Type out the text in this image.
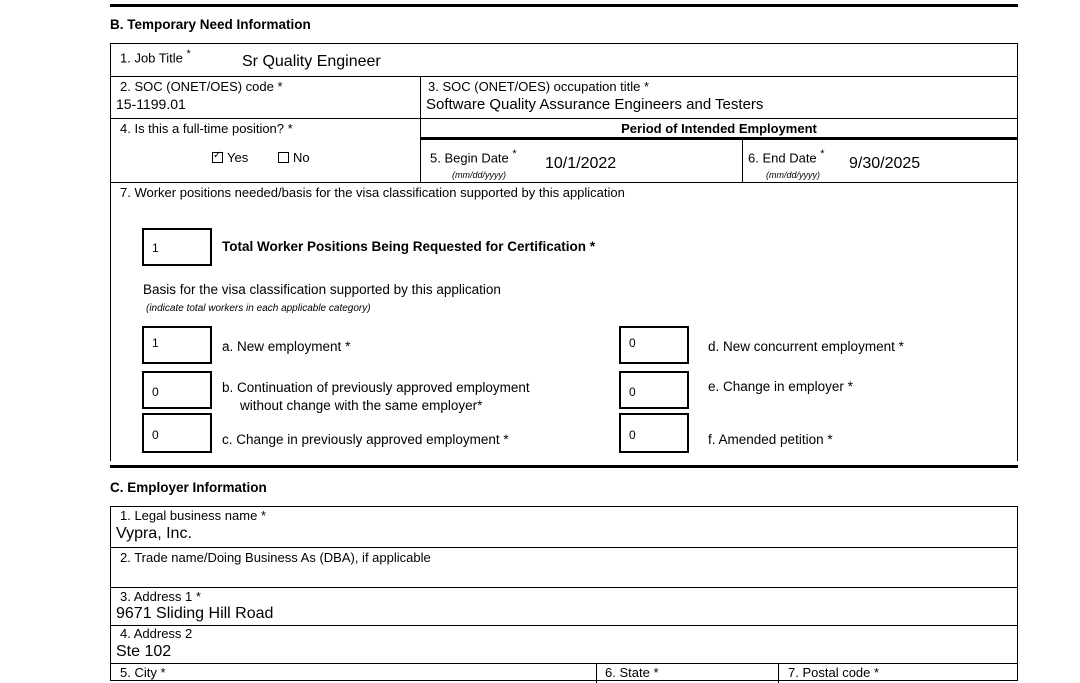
B. Temporary Need Information
1. Job Title *	Sr Quality Engineer
2. SOC (ONET/OES) code *
15-1199.01
3. SOC (ONET/OES) occupation title *
Software Quality Assurance Engineers and Testers
4. Is this a full-time position? *
✓Yes	No
Period of Intended Employment
5. Begin Date *
(mm/dd/yyyy)
10/1/2022	6. End Date *
(mm/dd/yyyy)
9/30/2025
7. Worker positions needed/basis for the visa classification supported by this application
1	Total Worker Positions Being Requested for Certification *
Basis for the visa classification supported by this application
(indicate total workers in each applicable category)
1	a. New employment *
0	b. Continuation of previously approved employment
without change with the same employer*
0	c. Change in previously approved employment *
0	d. New concurrent employment *
0	e. Change in employer *
0	f. Amended petition *
C. Employer Information
1. Legal business name *
Vypra, Inc.
2. Trade name/Doing Business As (DBA), if applicable
3. Address 1 *
9671 Sliding Hill Road
4. Address 2
Ste 102
5. City *	6. State *	7. Postal code *
